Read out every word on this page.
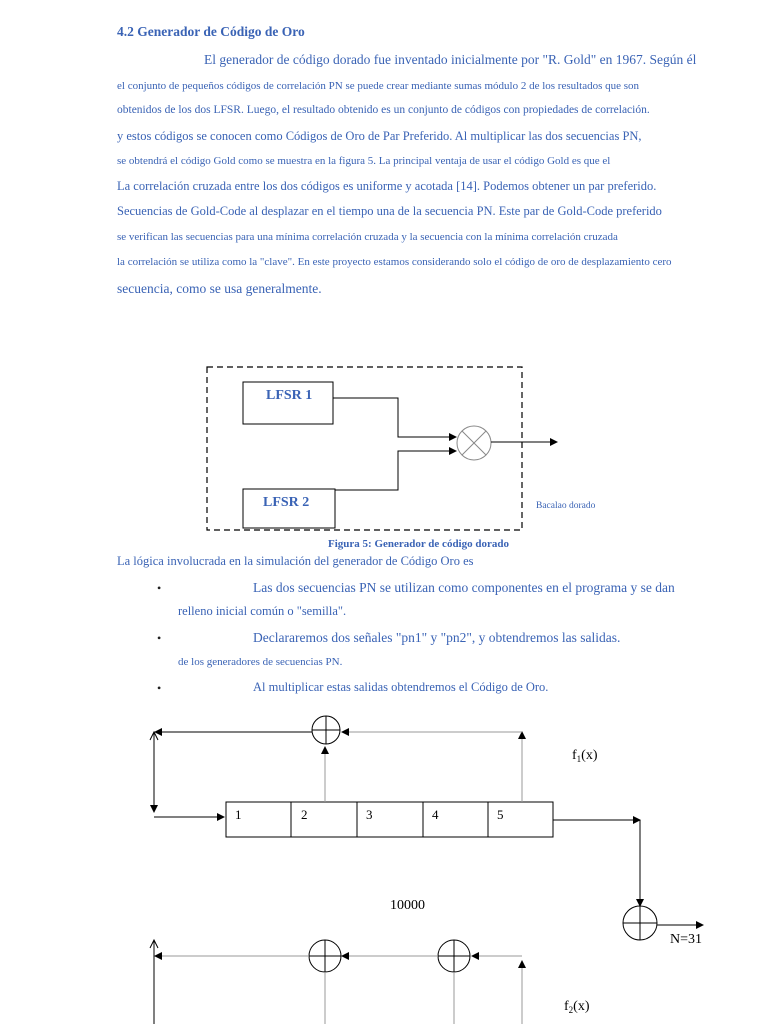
4.2 Generador de Código de Oro
El generador de código dorado fue inventado inicialmente por "R. Gold" en 1967. Según él
el conjunto de pequeños códigos de correlación PN se puede crear mediante sumas módulo 2 de los resultados que son
obtenidos de los dos LFSR. Luego, el resultado obtenido es un conjunto de códigos con propiedades de correlación.
y estos códigos se conocen como Códigos de Oro de Par Preferido. Al multiplicar las dos secuencias PN,
se obtendrá el código Gold como se muestra en la figura 5. La principal ventaja de usar el código Gold es que el
La correlación cruzada entre los dos códigos es uniforme y acotada [14]. Podemos obtener un par preferido.
Secuencias de Gold-Code al desplazar en el tiempo una de la secuencia PN. Este par de Gold-Code preferido
se verifican las secuencias para una mínima correlación cruzada y la secuencia con la mínima correlación cruzada
la correlación se utiliza como la "clave". En este proyecto estamos considerando solo el código de oro de desplazamiento cero
secuencia, como se usa generalmente.
LFSR 1
LFSR 2	Bacalao dorado
Figura 5: Generador de código dorado
La lógica involucrada en la simulación del generador de Código Oro es
•	Las dos secuencias PN se utilizan como componentes en el programa y se dan
relleno inicial común o "semilla".
•	Declararemos dos señales "pn1" y "pn2", y obtendremos las salidas.
de los generadores de secuencias PN.
•	Al multiplicar estas salidas obtendremos el Código de Oro.
1	2	3	4	5
10000
N=31
$f_1(x)$
$f_2(x)$
